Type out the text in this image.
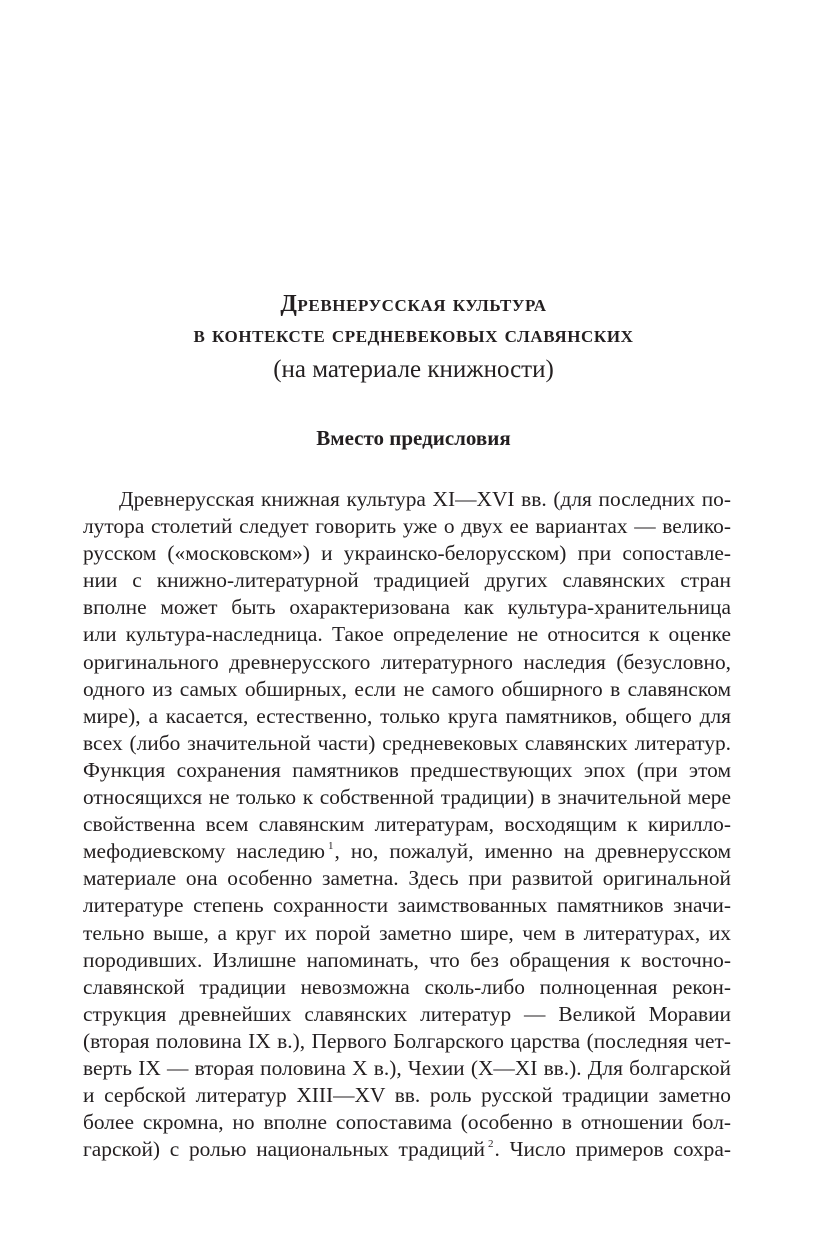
Древнерусская культура
в контексте средневековых славянских
(на материале книжности)
Вместо предисловия
Древнерусская книжная культура XI—XVI вв. (для последних по-
лутора столетий следует говорить уже о двух ее вариантах — велико-
русском («московском») и украинско-белорусском) при сопоставле-
нии с книжно-литературной традицией других славянских стран
вполне может быть охарактеризована как культура-хранительница
или культура-наследница. Такое определение не относится к оценке
оригинального древнерусского литературного наследия (безусловно,
одного из самых обширных, если не самого обширного в славянском
мире), а касается, естественно, только круга памятников, общего для
всех (либо значительной части) средневековых славянских литератур.
Функция сохранения памятников предшествующих эпох (при этом
относящихся не только к собственной традиции) в значительной мере
свойственна всем славянским литературам, восходящим к кирилло-
мефодиевскому наследию $^1$, но, пожалуй, именно на древнерусском
материале она особенно заметна. Здесь при развитой оригинальной
литературе степень сохранности заимствованных памятников значи-
тельно выше, а круг их порой заметно шире, чем в литературах, их
породивших. Излишне напоминать, что без обращения к восточно-
славянской традиции невозможна сколь-либо полноценная рекон-
струкция древнейших славянских литератур — Великой Моравии
(вторая половина IX в.), Первого Болгарского царства (последняя чет-
верть IX — вторая половина X в.), Чехии (X—XI вв.). Для болгарской
и сербской литератур XIII—XV вв. роль русской традиции заметно
более скромна, но вполне сопоставима (особенно в отношении бол-
гарской) с ролью национальных традиций $^2$. Число примеров сохра-
